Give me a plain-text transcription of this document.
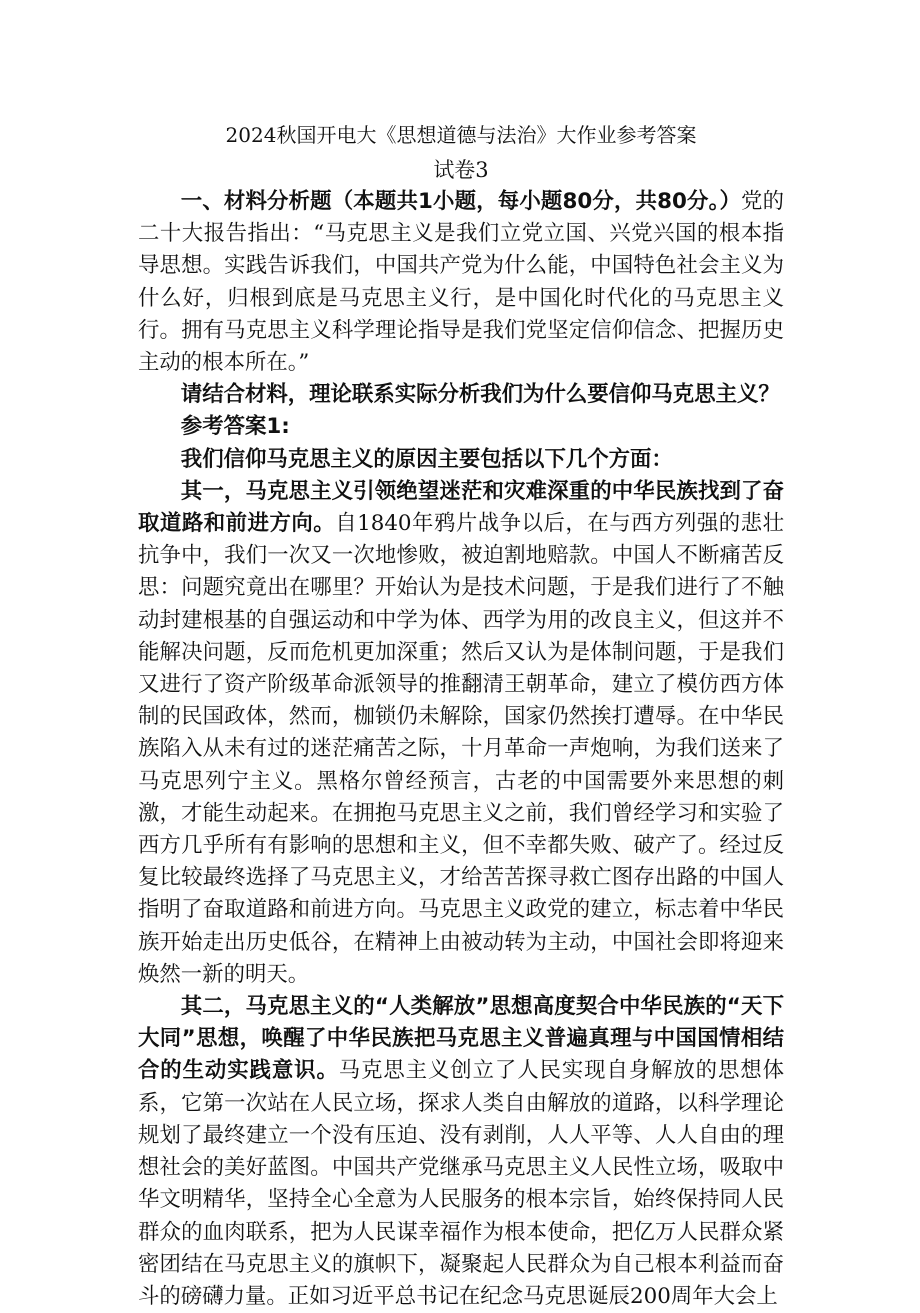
2024秋国开电大《思想道德与法治》大作业参考答案
试卷3

一、材料分析题（本题共1小题，每小题80分，共80分。）党的二十大报告指出：“马克思主义是我们立党立国、兴党兴国的根本指导思想。实践告诉我们，中国共产党为什么能，中国特色社会主义为什么好，归根到底是马克思主义行，是中国化时代化的马克思主义行。拥有马克思主义科学理论指导是我们党坚定信仰信念、把握历史主动的根本所在。”

请结合材料，理论联系实际分析我们为什么要信仰马克思主义？

参考答案1:

我们信仰马克思主义的原因主要包括以下几个方面：

其一，马克思主义引领绝望迷茫和灾难深重的中华民族找到了奋取道路和前进方向。自1840年鸦片战争以后，在与西方列强的悲壮抗争中，我们一次又一次地惨败，被迫割地赔款。中国人不断痛苦反思：问题究竟出在哪里？开始认为是技术问题，于是我们进行了不触动封建根基的自强运动和中学为体、西学为用的改良主义，但这并不能解决问题，反而危机更加深重；然后又认为是体制问题，于是我们又进行了资产阶级革命派领导的推翻清王朝革命，建立了模仿西方体制的民国政体，然而，枷锁仍未解除，国家仍然挨打遭辱。在中华民族陷入从未有过的迷茫痛苦之际，十月革命一声炮响，为我们送来了马克思列宁主义。黑格尔曾经预言，古老的中国需要外来思想的刺激，才能生动起来。在拥抱马克思主义之前，我们曾经学习和实验了西方几乎所有有影响的思想和主义，但不幸都失败、破产了。经过反复比较最终选择了马克思主义，才给苦苦探寻救亡图存出路的中国人指明了奋取道路和前进方向。马克思主义政党的建立，标志着中华民族开始走出历史低谷，在精神上由被动转为主动，中国社会即将迎来焕然一新的明天。

其二，马克思主义的“人类解放”思想高度契合中华民族的“天下大同”思想，唤醒了中华民族把马克思主义普遍真理与中国国情相结合的生动实践意识。马克思主义创立了人民实现自身解放的思想体系，它第一次站在人民立场，探求人类自由解放的道路，以科学理论规划了最终建立一个没有压迫、没有剥削，人人平等、人人自由的理想社会的美好蓝图。中国共产党继承马克思主义人民性立场，吸取中华文明精华，坚持全心全意为人民服务的根本宗旨，始终保持同人民群众的血肉联系，把为人民谋幸福作为根本使命，把亿万人民群众紧密团结在马克思主义的旗帜下，凝聚起人民群众为自己根本利益而奋斗的磅礴力量。正如习近平总书记在纪念马克思诞辰200周年大会上
